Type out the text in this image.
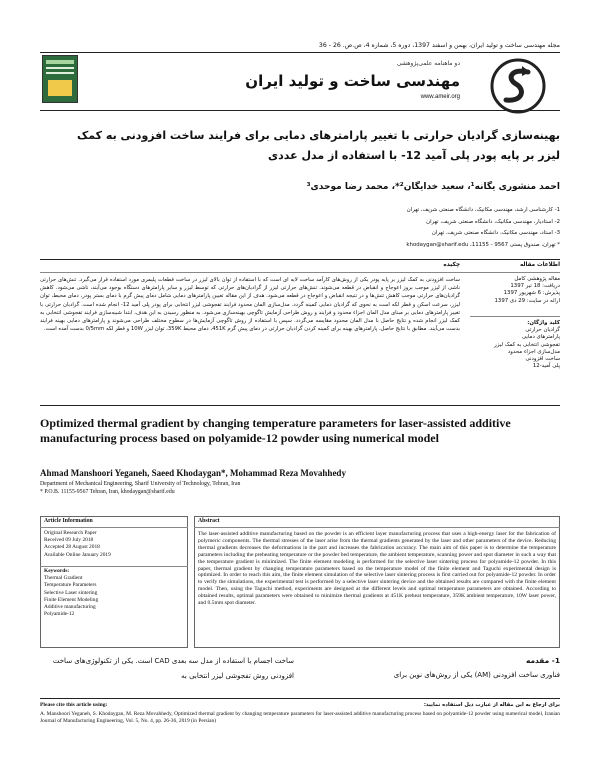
مجله مهندسی ساخت و تولید ایران، بهمن و اسفند 1397، دوره 5، شماره 4، ص.ص. 26 - 36
دو ماهنامه علمی‌پژوهشی
مهندسی ساخت و تولید ایران
www.ameir.org
بهینه‌سازی گرادیان حرارتی با تغییر پارامترهای دمایی برای فرایند ساخت افزودنی به کمک لیزر بر پایه پودر پلی آمید 12- با استفاده از مدل عددی
احمد منشوری یگانه¹، سعید خدایگان²*، محمد رضا موحدی³
1- کارشناسی ارشد، مهندسی مکانیک، دانشگاه صنعتی شریف، تهران
2- استادیار، مهندسی مکانیک، دانشگاه صنعتی شریف، تهران
3- استاد، مهندسی مکانیک، دانشگاه صنعتی شریف، تهران
* تهران، صندوق پستی 9567 - 11155، khodaygan@sharif.edu
اطلاعات مقاله
چکیده
مقاله پژوهشی کامل
دریافت: 18 تیر 1397
پذیرش: 6 شهریور 1397
ارائه در سایت: 29 دی 1397
کلید واژگان:
گرادیان حرارتی
پارامترهای دمایی
تفجوشی انتخابی به کمک لیزر
مدل‌سازی اجزاء محدود
ساخت افزودنی
پلی آمید-12
ساخت افزودنی به کمک لیزر بر پایه پودر یکی از روش‌های کارآمد ساخت لایه ای است که با استفاده از توان بالای لیزر در ساخت قطعات پلیمری مورد استفاده قرار می‌گیرد. تنش‌های حرارتی ناشی از لیزر موجب بروز اعوجاج و انقباض در قطعه می‌شوند. تنش‌های حرارتی لیزر از گرادیان‌های حرارتی که توسط لیزر و سایر پارامترهای دستگاه بوجود می‌آیند، ناشی می‌شود. کاهش گرادیان‌های حرارتی موجب کاهش تنش‌ها و در نتیجه انقباض و اعوجاج در قطعه می‌شود. هدف از این مقاله تعیین پارامترهای دمایی شامل دمای پیش گرم با دمای بستر پودر، دمای محیط، توان لیزر، سرعت اسکن و قطر لکه است به نحوی که گرادیان دمایی کمینه گردد. مدل‌سازی المان محدود فرایند تفجوشی لیزر انتخابی برای پودر پلی آمید 12- انجام شده است. گرادیان حرارتی با تغییر پارامترهای دمایی بر مبنای مدل المان اجزاء محدود و فرایند و روش طراحی آزمایش تاگوچی بهینه‌سازی می‌شود. به منظور رسیدن به این هدف، ابتدا شبیه‌سازی فرایند تفجوشی انتخابی به کمک لیزر انجام شده و نتایج حاصل با مدل المان محدود مقایسه می‌گردد. سپس با استفاده از روش تاگوچی آزمایش‌ها در سطوح مختلف طراحی می‌شوند و پارامترهای دمایی بهینه فرایند بدست می‌آیند. مطابق با نتایج حاصل، پارامترهای بهینه برای کمینه کردن گرادیان حرارتی در دمای پیش گرم 451K، دمای محیط 359K، توان لیزر 10W و قطر لکه 0/5mm بدست آمده است.
Optimized thermal gradient by changing temperature parameters for laser-assisted additive manufacturing process based on polyamide-12 powder using numerical model
Ahmad Manshoori Yeganeh, Saeed Khodaygan*, Mohammad Reza Movahhedy
Department of Mechanical Engineering, Sharif University of Technology, Tehran, Iran
* P.O.B. 11155-9567 Tehran, Iran, khodaygan@sharif.edu
Article Information
Original Research Paper
Received 09 July 2018
Accepted 28 August 2018
Available Online January 2019
Keywords:
Thermal Gradient
Temperature Parameters
Selective Laser sintering
Finite Element Modeling
Additive manufacturing
Polyamide-12
Abstract
The laser-assisted additive manufacturing based on the powder is an efficient layer manufacturing process that uses a high-energy laser for the fabrication of polymeric components. The thermal stresses of the laser arise from the thermal gradients generated by the laser and other parameters of the device. Reducing thermal gradients decreases the deformations in the part and increases the fabrication accuracy. The main aim of this paper is to determine the temperature parameters including the preheating temperature or the powder bed temperature, the ambient temperature, scanning power and spot diameter in such a way that the temperature gradient is minimized. The finite element modeling is performed for the selective laser sintering process for polyamide-12 powder. In this paper, thermal gradient by changing temperature parameters based on the temperature model of the finite element and Taguchi experimental design is optimized. In order to reach this aim, the finite element simulation of the selective laser sintering process is first carried out for polyamide-12 powder. In order to verify the simulations, the experimental test is performed by a selective laser sintering device and the obtained results are compared with the finite element model. Then, using the Taguchi method, experiments are designed at the different levels and optimal temperature parameters are obtained. According to obtained results, optimal parameters were obtained to minimize thermal gradients at 451K preheat temperature, 359K ambient temperature, 10W laser power, and 0.5mm spot diameter.
1- مقدمه
فناوری ساخت افزودنی (AM) یکی از روش‌های نوین برای
ساخت اجسام با استفاده از مدل سه بعدی CAD است. یکی از تکنولوژی‌های ساخت افزودنی روش تفجوشی لیزر انتخابی به
Please cite this article using:	برای ارجاع به این مقاله از عبارت ذیل استفاده نمایید:
A. Manshoori Yeganeh, S. Khodaygan, M. Reza Movahhedy, Optimized thermal gradient by changing temperature parameters for laser-assisted additive manufacturing process based on polyamide-12 powder using numerical model, Iranian Journal of Manufacturing Engineering, Vol. 5, No. 4, pp. 26-36, 2019 (in Persian)
